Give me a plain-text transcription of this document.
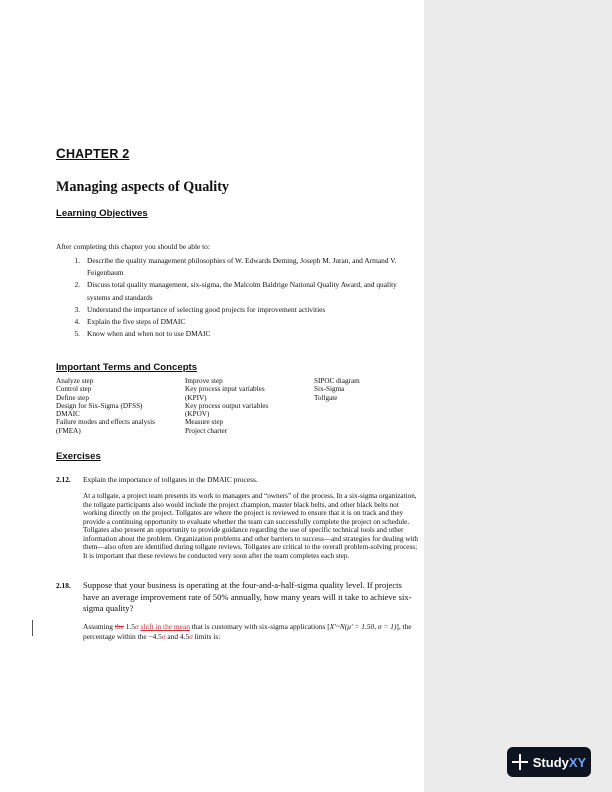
CHAPTER 2
Managing aspects of Quality
Learning Objectives
After completing this chapter you should be able to:
1. Describe the quality management philosophies of W. Edwards Deming, Joseph M. Juran, and Armand V. Feigenbaum
2. Discuss total quality management, six-sigma, the Malcolm Baldrige National Quality Award, and quality systems and standards
3. Understand the importance of selecting good projects for improvement activities
4. Explain the five steps of DMAIC
5. Know when and when not to use DMAIC
Important Terms and Concepts
Analyze step
Control step
Define step
Design for Six-Sigma (DFSS)
DMAIC
Failure modes and effects analysis
(FMEA)
Improve step
Key process input variables
(KPIV)
Key process output variables
(KPOV)
Measure step
Project charter
SIPOC diagram
Six-Sigma
Tollgate
Exercises
2.12. Explain the importance of tollgates in the DMAIC process.
At a tollgate, a project team presents its work to managers and “owners” of the process. In a six-sigma organization, the tollgate participants also would include the project champion, master black belts, and other black belts not working directly on the project. Tollgates are where the project is reviewed to ensure that it is on track and they provide a continuing opportunity to evaluate whether the team can successfully complete the project on schedule. Tollgates also present an opportunity to provide guidance regarding the use of specific technical tools and other information about the problem. Organization problems and other barriers to success—and strategies for dealing with them—also often are identified during tollgate reviews. Tollgates are critical to the overall problem-solving process; It is important that these reviews be conducted very soon after the team completes each step.
2.18. Suppose that your business is operating at the four-and-a-half-sigma quality level. If projects have an average improvement rate of 50% annually, how many years will it take to achieve six-sigma quality?
Assuming the 1.5σ shift in the mean that is customary with six-sigma applications [X′~N(μ′ = 1.50, σ = 1)], the percentage within the −4.5σ and 4.5σ limits is:
StudyXY
